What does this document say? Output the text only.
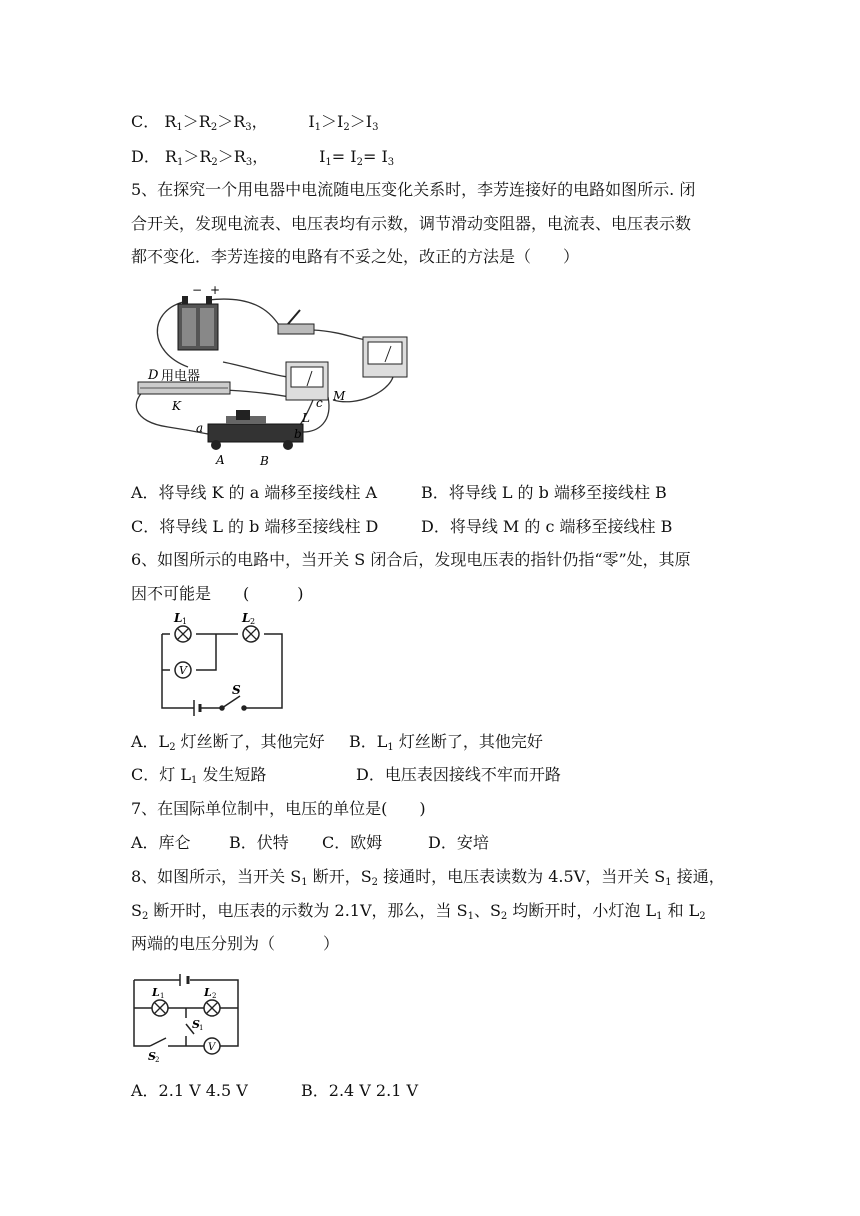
C． $R_1>R_2>R_3$，        $I_1>I_2>I_3$
D． $R_1>R_2>R_3$，          $I_1= I_2= I_3$
5、在探究一个用电器中电流随电压变化关系时，李芳连接好的电路如图所示. 闭
合开关，发现电流表、电压表均有示数，调节滑动变阻器，电流表、电压表示数
都不变化．李芳连接的电路有不妥之处，改正的方法是（　　）
− +
D 用电器
K
a
A	B
L
b
c M
A．将导线 K 的 a 端移至接线柱 A	B．将导线 L 的 b 端移至接线柱 B
C．将导线 L 的 b 端移至接线柱 D	D．将导线 M 的 c 端移至接线柱 B
6、如图所示的电路中，当开关 S 闭合后，发现电压表的指针仍指“零”处，其原
因不可能是　　(　　　)
V
L 1	L 2
S
A．$L_2$ 灯丝断了，其他完好 B．$L_1$ 灯丝断了，其他完好
C．灯 $L_1$ 发生短路	D．电压表因接线不牢而开路
7、在国际单位制中，电压的单位是(　　)
A．库仑 B．伏特 C．欧姆	D．安培
8、如图所示，当开关 $S_1$ 断开，$S_2$ 接通时，电压表读数为 4.5V，当开关 $S_1$ 接通，
$S_2$ 断开时，电压表的示数为 2.1V，那么，当 $S_1$、$S_2$ 均断开时，小灯泡 $L_1$ 和 $L_2$
两端的电压分别为（　　　）
V
L 1	L 2
S 1
S 2
A．2.1 V 4.5 V	B．2.4 V 2.1 V
